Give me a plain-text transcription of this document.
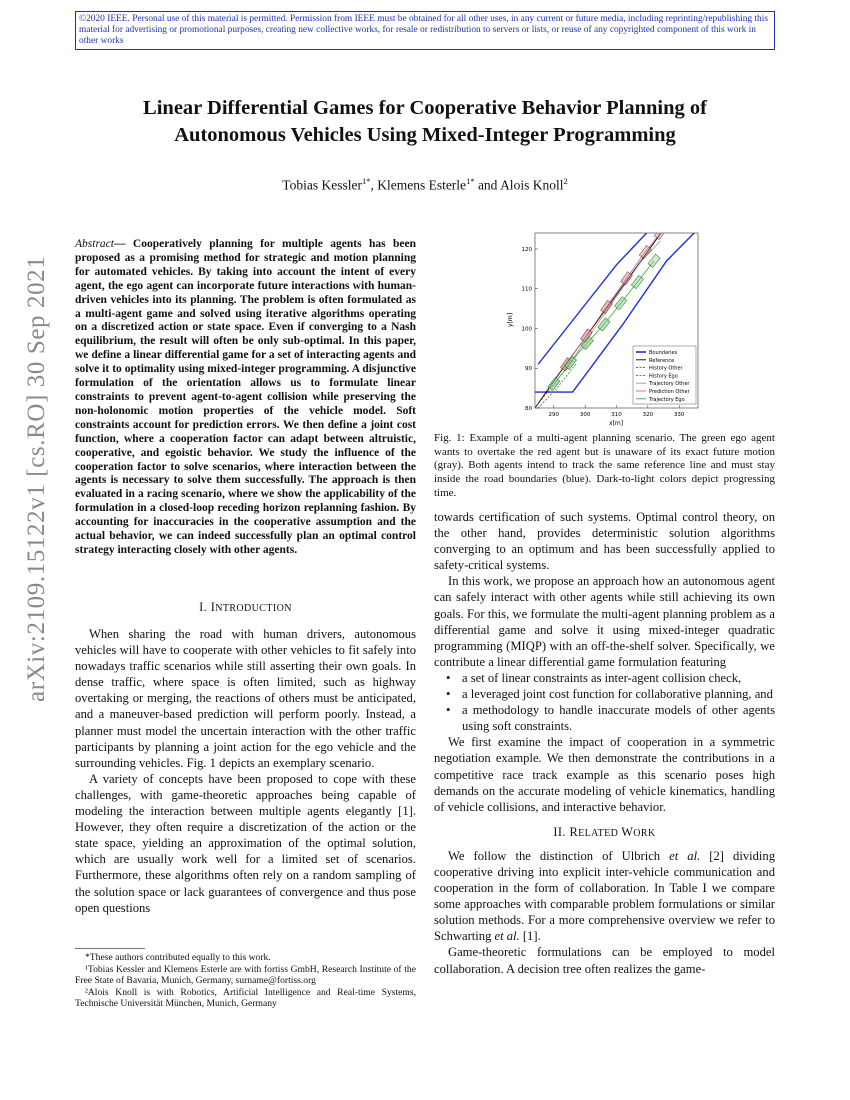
©2020 IEEE. Personal use of this material is permitted. Permission from IEEE must be obtained for all other uses, in any current or future media, including reprinting/republishing this material for advertising or promotional purposes, creating new collective works, for resale or redistribution to servers or lists, or reuse of any copyrighted component of this work in other works
arXiv:2109.15122v1 [cs.RO] 30 Sep 2021
Linear Differential Games for Cooperative Behavior Planning of
Autonomous Vehicles Using Mixed-Integer Programming
Tobias Kessler$^{1*}$, Klemens Esterle$^{1*}$ and Alois Knoll$^2$
Abstract— Cooperatively planning for multiple agents has been proposed as a promising method for strategic and motion planning for automated vehicles. By taking into account the intent of every agent, the ego agent can incorporate future interactions with human-driven vehicles into its planning. The problem is often formulated as a multi-agent game and solved using iterative algorithms operating on a discretized action or state space. Even if converging to a Nash equilibrium, the result will often be only sub-optimal. In this paper, we define a linear differential game for a set of interacting agents and solve it to optimality using mixed-integer programming. A disjunctive formulation of the orientation allows us to formulate linear constraints to prevent agent-to-agent collision while preserving the non-holonomic motion properties of the vehicle model. Soft constraints account for prediction errors. We then define a joint cost function, where a cooperation factor can adapt between altruistic, cooperative, and egoistic behavior. We study the influence of the cooperation factor to solve scenarios, where interaction between the agents is necessary to solve them successfully. The approach is then evaluated in a racing scenario, where we show the applicability of the formulation in a closed-loop receding horizon replanning fashion. By accounting for inaccuracies in the cooperative assumption and the actual behavior, we can indeed successfully plan an optimal control strategy interacting closely with other agents.
I. INTRODUCTION

When sharing the road with human drivers, autonomous vehicles will have to cooperate with other vehicles to fit safely into nowadays traffic scenarios while still asserting their own goals. In dense traffic, where space is often limited, such as highway overtaking or merging, the reactions of others must be anticipated, and a maneuver-based prediction will perform poorly. Instead, a planner must model the uncertain interaction with the other traffic participants by planning a joint action for the ego vehicle and the surrounding vehicles. Fig. 1 depicts an exemplary scenario.

A variety of concepts have been proposed to cope with these challenges, with game-theoretic approaches being capable of modeling the interaction between multiple agents elegantly [1]. However, they often require a discretization of the action or the state space, yielding an approximation of the optimal solution, which are usually work well for a limited set of scenarios. Furthermore, these algorithms often rely on a random sampling of the solution space or lack guarantees of convergence and thus pose open questions

*These authors contributed equally to this work.
¹Tobias Kessler and Klemens Esterle are with fortiss GmbH, Research Institute of the Free State of Bavaria, Munich, Germany, surname@fortiss.org
²Alois Knoll is with Robotics, Artificial Intelligence and Real-time Systems, Technische Universität München, Munich, Germany
290	300	310	320	330
80
90
100
110
120
x[m]
y[m]
Boundaries
Reference
History Other
History Ego
Trajectory Other
Prediction Other
Trajectory Ego
Fig. 1: Example of a multi-agent planning scenario. The green ego agent wants to overtake the red agent but is unaware of its exact future motion (gray). Both agents intend to track the same reference line and must stay inside the road boundaries (blue). Dark-to-light colors depict progressing time.

towards certification of such systems. Optimal control theory, on the other hand, provides deterministic solution algorithms converging to an optimum and has been successfully applied to safety-critical systems.

In this work, we propose an approach how an autonomous agent can safely interact with other agents while still achieving its own goals. For this, we formulate the multi-agent planning problem as a differential game and solve it using mixed-integer quadratic programming (MIQP) with an off-the-shelf solver. Specifically, we contribute a linear differential game formulation featuring

• a set of linear constraints as inter-agent collision check,
• a leveraged joint cost function for collaborative planning, and
• a methodology to handle inaccurate models of other agents using soft constraints.

We first examine the impact of cooperation in a symmetric negotiation example. We then demonstrate the contributions in a competitive race track example as this scenario poses high demands on the accurate modeling of vehicle kinematics, handling of vehicle collisions, and interactive behavior.

II. RELATED WORK

We follow the distinction of Ulbrich et al. [2] dividing cooperative driving into explicit inter-vehicle communication and cooperation in the form of collaboration. In Table I we compare some approaches with comparable problem formulations or similar solution methods. For a more comprehensive overview we refer to Schwarting et al. [1].

Game-theoretic formulations can be employed to model collaboration. A decision tree often realizes the game-
